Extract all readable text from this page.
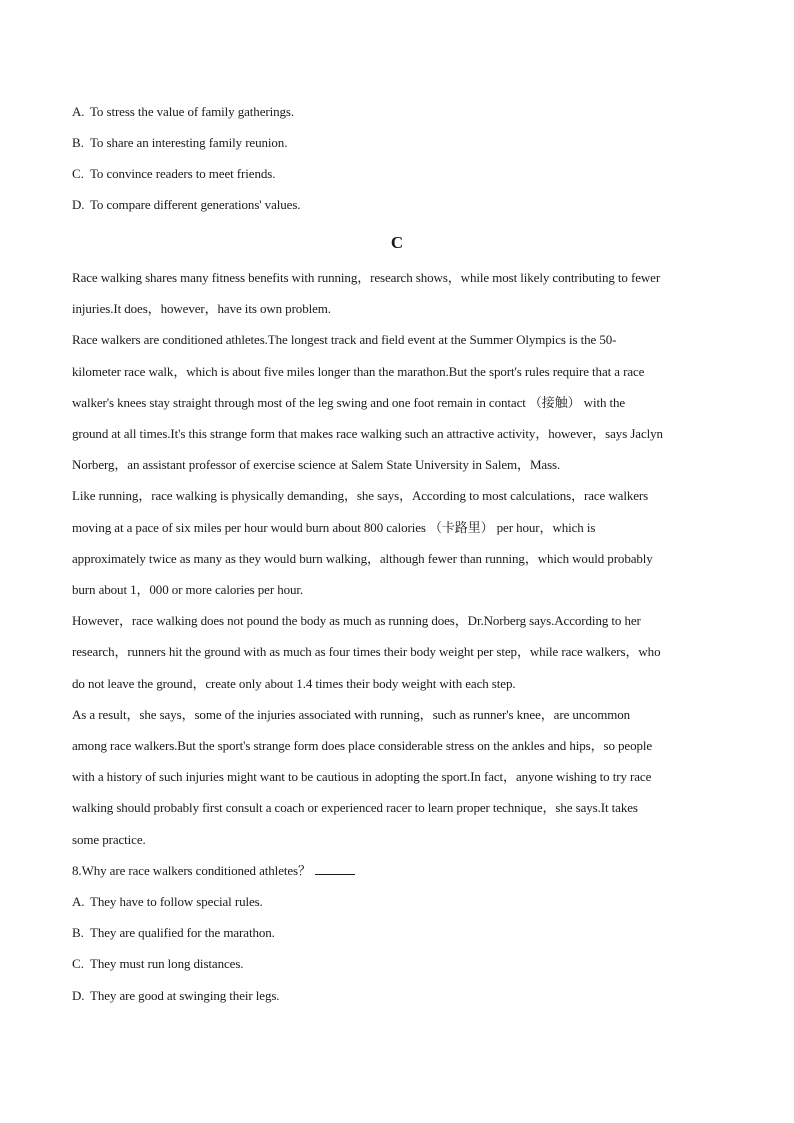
A. To stress the value of family gatherings.
B. To share an interesting family reunion.
C. To convince readers to meet friends.
D. To compare different generations' values.
C
Race walking shares many fitness benefits with running，research shows，while most likely contributing to fewer
injuries.It does，however，have its own problem.
Race walkers are conditioned athletes.The longest track and field event at the Summer Olympics is the 50-
kilometer race walk，which is about five miles longer than the marathon.But the sport's rules require that a race
walker's knees stay straight through most of the leg swing and one foot remain in contact （接触） with the
ground at all times.It's this strange form that makes race walking such an attractive activity，however，says Jaclyn
Norberg，an assistant professor of exercise science at Salem State University in Salem，Mass.
Like running，race walking is physically demanding，she says，According to most calculations，race walkers
moving at a pace of six miles per hour would burn about 800 calories （卡路里） per hour，which is
approximately twice as many as they would burn walking，although fewer than running，which would probably
burn about 1，000 or more calories per hour.
However，race walking does not pound the body as much as running does，Dr.Norberg says.According to her
research，runners hit the ground with as much as four times their body weight per step，while race walkers，who
do not leave the ground，create only about 1.4 times their body weight with each step.
As a result，she says，some of the injuries associated with running，such as runner's knee，are uncommon
among race walkers.But the sport's strange form does place considerable stress on the ankles and hips，so people
with a history of such injuries might want to be cautious in adopting the sport.In fact，anyone wishing to try race
walking should probably first consult a coach or experienced racer to learn proper technique，she says.It takes
some practice.
8.Why are race walkers conditioned athletes？
A. They have to follow special rules.
B. They are qualified for the marathon.
C. They must run long distances.
D. They are good at swinging their legs.
